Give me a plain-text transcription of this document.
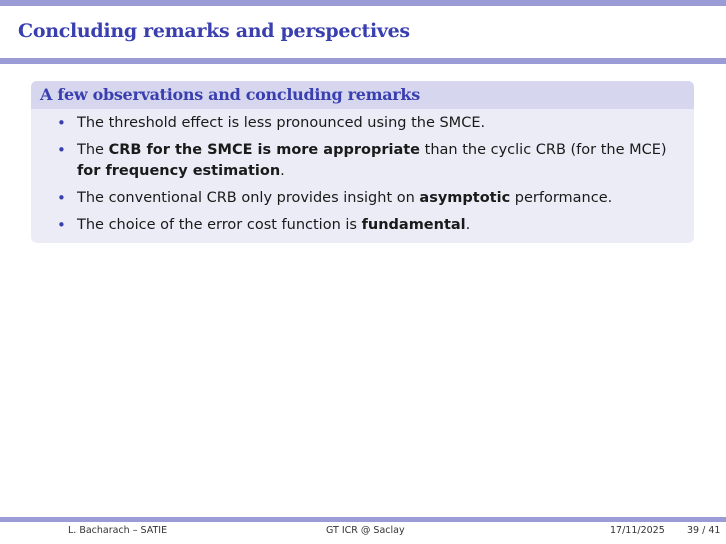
Concluding remarks and perspectives
A few observations and concluding remarks
• The threshold effect is less pronounced using the SMCE.
• The CRB for the SMCE is more appropriate than the cyclic CRB (for the MCE) for frequency estimation.
• The conventional CRB only provides insight on asymptotic performance.
• The choice of the error cost function is fundamental.
L. Bacharach – SATIE	GT ICR @ Saclay	17/11/2025 39 / 41
